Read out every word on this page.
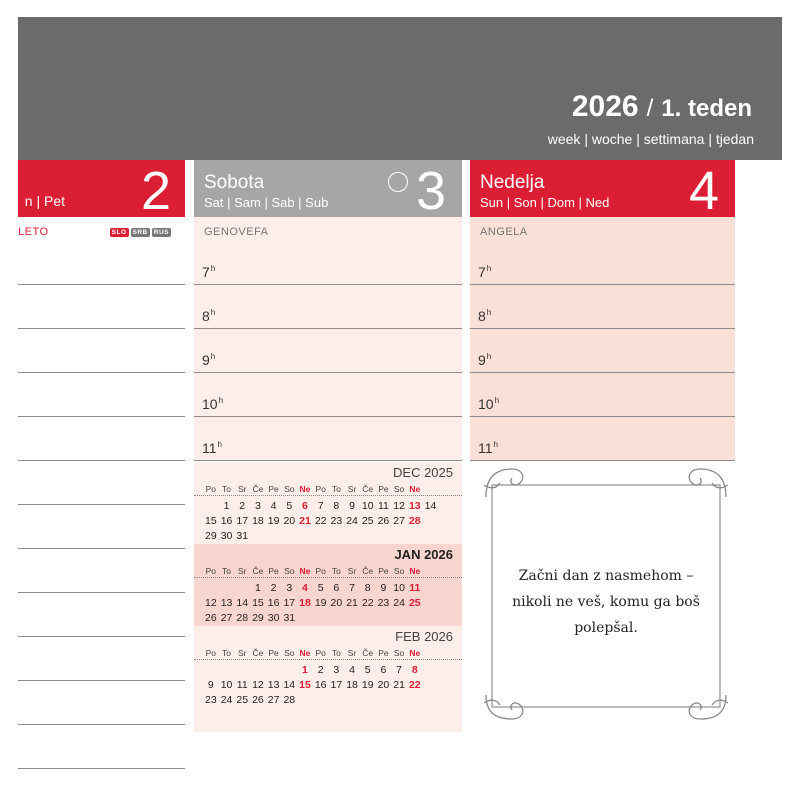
2026 / 1. teden
week | woche | settimana | tjedan
n | Pet 2
LETO	SLO SRB RUS
Sobota
Sat | Sam | Sab | Sub 3
GENOVEFA
7$^h$
8$^h$
9$^h$
10$^h$
11$^h$
Nedelja
Sun | Son | Dom | Ned 4
ANGELA
7$^h$
8$^h$
9$^h$
10$^h$
11$^h$
DEC 2025
Po To Sr Če Pe So Ne Po To Sr Če Pe So Ne
1 2 3 4 5 6 7 8 9 10 11 12 13 14
15 16 17 18 19 20 21 22 23 24 25 26 27 28
29 30 31
JAN 2026
Po To Sr Če Pe So Ne Po To Sr Če Pe So Ne
1 2 3 4 5 6 7 8 9 10 11
12 13 14 15 16 17 18 19 20 21 22 23 24 25
26 27 28 29 30 31
FEB 2026
Po To Sr Če Pe So Ne Po To Sr Če Pe So Ne
1 2 3 4 5 6 7 8
9 10 11 12 13 14 15 16 17 18 19 20 21 22
23 24 25 26 27 28
Začni dan z nasmehom –
nikoli ne veš, komu ga boš
polepšal.
